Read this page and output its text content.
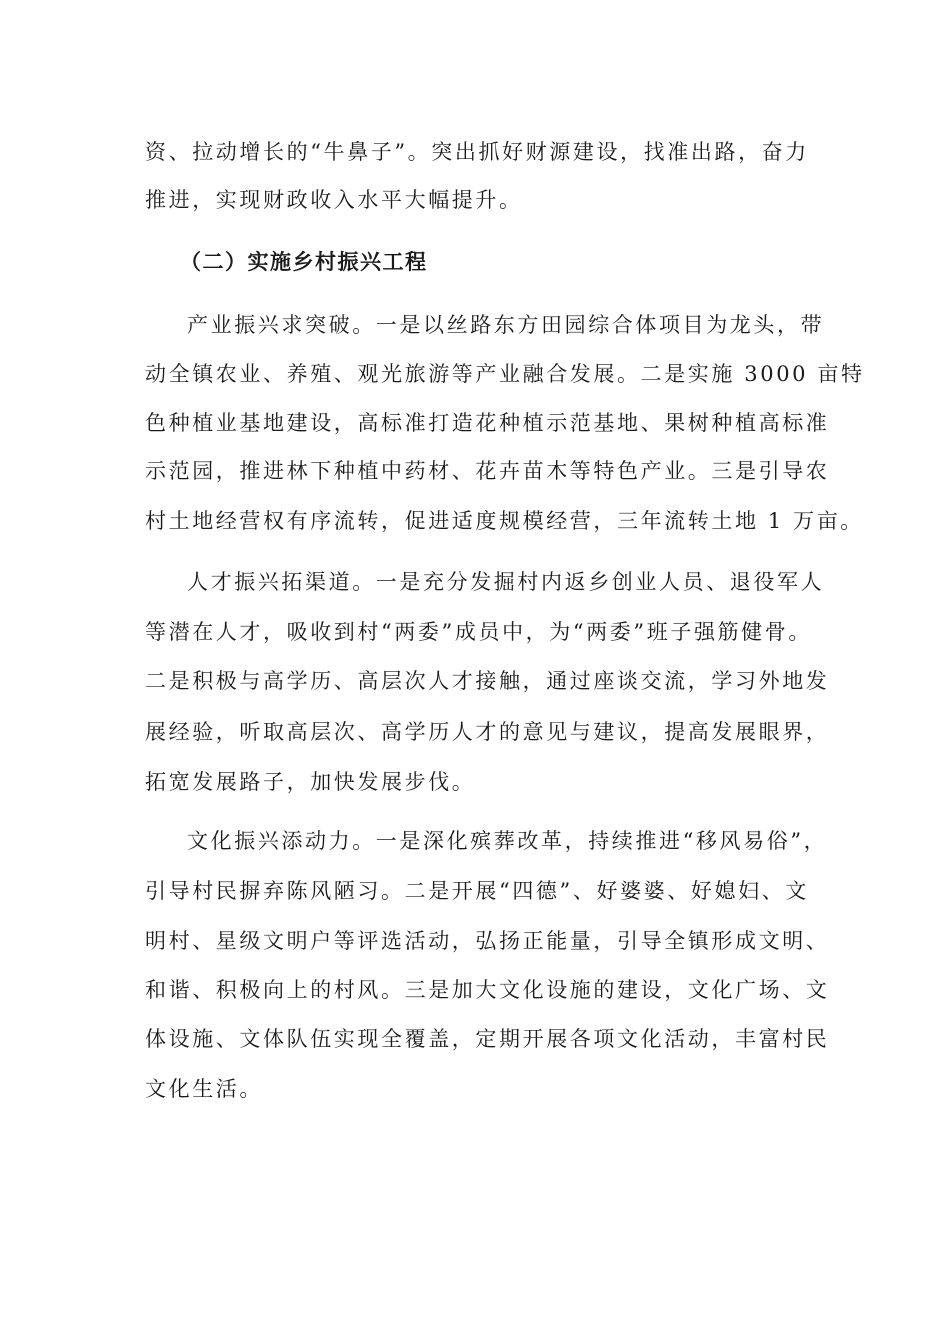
资、拉动增长的“牛鼻子”。突出抓好财源建设，找准出路，奋力
推进，实现财政收入水平大幅提升。
（二）实施乡村振兴工程
产业振兴求突破。一是以丝路东方田园综合体项目为龙头，带
动全镇农业、养殖、观光旅游等产业融合发展。二是实施 3000 亩特
色种植业基地建设，高标准打造花种植示范基地、果树种植高标准
示范园，推进林下种植中药材、花卉苗木等特色产业。三是引导农
村土地经营权有序流转，促进适度规模经营，三年流转土地 1 万亩。
人才振兴拓渠道。一是充分发掘村内返乡创业人员、退役军人
等潜在人才，吸收到村“两委”成员中，为“两委”班子强筋健骨。
二是积极与高学历、高层次人才接触，通过座谈交流，学习外地发
展经验，听取高层次、高学历人才的意见与建议，提高发展眼界，
拓宽发展路子，加快发展步伐。
文化振兴添动力。一是深化殡葬改革，持续推进“移风易俗”，
引导村民摒弃陈风陋习。二是开展“四德”、好婆婆、好媳妇、文
明村、星级文明户等评选活动，弘扬正能量，引导全镇形成文明、
和谐、积极向上的村风。三是加大文化设施的建设，文化广场、文
体设施、文体队伍实现全覆盖，定期开展各项文化活动，丰富村民
文化生活。
